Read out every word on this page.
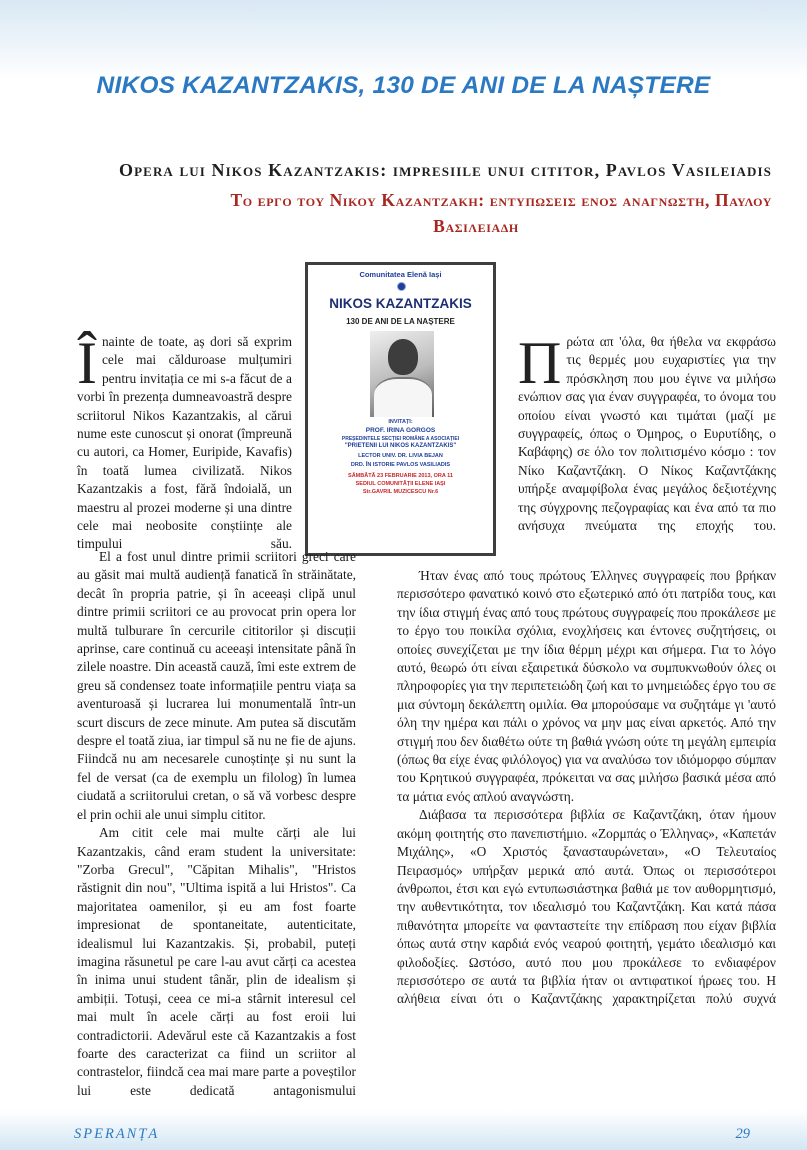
NIKOS KAZANTZAKIS, 130 DE ANI DE LA NAȘTERE
Opera lui Nikos Kazantzakis: impresiile unui cititor, Pavlos Vasileiadis
Το εργο του Νικου Καζαντζακη: εντυπωσεις ενος αναγνωστη, Παυλου
Βασιλειαδη
Comunitatea Elenă Iași
NIKOS KAZANTZAKIS
130 DE ANI DE LA NAȘTERE
INVITAȚI:
PROF. IRINA GORGOS
PREȘEDINTELE SECȚIEI ROMÂNE A ASOCIAȚIEI
"PRIETENII LUI NIKOS KAZANTZAKIS"
LECTOR UNIV. DR. LIVIA BEJAN
DRD. ÎN ISTORIE PAVLOS VASILIADIS
SÂMBĂTĂ 23 FEBRUARIE 2013, ORA 11
SEDIUL COMUNITĂȚII ELENE IAȘI
Str.GAVRIL MUZICESCU Nr.6

Înainte de toate, aș dori să exprim cele mai călduroase mulțumiri pentru invitația ce mi s-a făcut de a vorbi în prezența dumneavoastră despre scriitorul Nikos Kazantzakis, al cărui nume este cunoscut și onorat (împreună cu autori, ca Homer, Euripide, Kavafis) în toată lumea civilizată. Nikos Kazantzakis a fost, fără îndoială, un maestru al prozei moderne și una dintre cele mai neobosite conștiințe ale timpului său.

El a fost unul dintre primii scriitori greci care au găsit mai multă audiență fanatică în străinătate, decât în propria patrie, și în aceeași clipă unul dintre primii scriitori ce au provocat prin opera lor multă tulburare în cercurile cititorilor și discuții aprinse, care continuă cu aceeași intensitate până în zilele noastre. Din această cauză, îmi este extrem de greu să condensez toate informațiile pentru viața sa aventuroasă și lucrarea lui monumentală într-un scurt discurs de zece minute. Am putea să discutăm despre el toată ziua, iar timpul să nu ne fie de ajuns. Fiindcă nu am necesarele cunoștințe și nu sunt la fel de versat (ca de exemplu un filolog) în lumea ciudată a scriitorului cretan, o să vă vorbesc despre el prin ochii ale unui simplu cititor.

Am citit cele mai multe cărți ale lui Kazantzakis, când eram student la universitate: "Zorba Grecul", "Căpitan Mihalis", "Hristos răstignit din nou", "Ultima ispită a lui Hristos". Ca majoritatea oamenilor, și eu am fost foarte impresionat de spontaneitate, autenticitate, idealismul lui Kazantzakis. Și, probabil, puteți imagina răsunetul pe care l-au avut cărți ca acestea în inima unui student tânăr, plin de idealism și ambiții. Totuși, ceea ce mi-a stârnit interesul cel mai mult în acele cărți au fost eroii lui contradictorii. Adevărul este că Kazantzakis a fost foarte des caracterizat ca fiind un scriitor al contrastelor, fiindcă cea mai mare parte a poveștilor lui este dedicată antagonismului

Πρώτα απ 'όλα, θα ήθελα να εκφράσω τις θερμές μου ευχαριστίες για την πρόσκληση που μου έγινε να μιλήσω ενώπιον σας για έναν συγγραφέα, το όνομα του οποίου είναι γνωστό και τιμάται (μαζί με συγγραφείς, όπως ο Όμηρος, ο Ευρυτίδης, ο Καβάφης) σε όλο τον πολιτισμένο κόσμο : τον Νίκο Καζαντζάκη. Ο Νίκος Καζαντζάκης υπήρξε αναμφίβολα ένας μεγάλος δεξιοτέχνης της σύγχρονης πεζογραφίας και ένα από τα πιο ανήσυχα πνεύματα της εποχής του.

Ήταν ένας από τους πρώτους Έλληνες συγγραφείς που βρήκαν περισσότερο φανατικό κοινό στο εξωτερικό από ότι πατρίδα τους, και την ίδια στιγμή ένας από τους πρώτους συγγραφείς που προκάλεσε με το έργο του ποικίλα σχόλια, ενοχλήσεις και έντονες συζητήσεις, οι οποίες συνεχίζεται με την ίδια θέρμη μέχρι και σήμερα. Για το λόγο αυτό, θεωρώ ότι είναι εξαιρετικά δύσκολο να συμπυκνωθούν όλες οι πληροφορίες για την περιπετειώδη ζωή και το μνημειώδες έργο του σε μια σύντομη δεκάλεπτη ομιλία. Θα μπορούσαμε να συζητάμε γι 'αυτό όλη την ημέρα και πάλι ο χρόνος να μην μας είναι αρκετός. Από την στιγμή που δεν διαθέτω ούτε τη βαθιά γνώση ούτε τη μεγάλη εμπειρία (όπως θα είχε ένας φιλόλογος) για να αναλύσω τον ιδιόμορφο σύμπαν του Κρητικού συγγραφέα, πρόκειται να σας μιλήσω βασικά μέσα από τα μάτια ενός απλού αναγνώστη.

Διάβασα τα περισσότερα βιβλία σε Καζαντζάκη, όταν ήμουν ακόμη φοιτητής στο πανεπιστήμιο. «Ζορμπάς ο Έλληνας», «Καπετάν Μιχάλης», «Ο Χριστός ξανασταυρώνεται», «Ο Τελευταίος Πειρασμός» υπήρξαν μερικά από αυτά. Όπως οι περισσότεροι άνθρωποι, έτσι και εγώ εντυπωσιάστηκα βαθιά με τον αυθορμητισμό, την αυθεντικότητα, τον ιδεαλισμό του Καζαντζάκη. Και κατά πάσα πιθανότητα μπορείτε να φανταστείτε την επίδραση που είχαν βιβλία όπως αυτά στην καρδιά ενός νεαρού φοιτητή, γεμάτο ιδεαλισμό και φιλοδοξίες. Ωστόσο, αυτό που μου προκάλεσε το ενδιαφέρον περισσότερο σε αυτά τα βιβλία ήταν οι αντιφατικοί ήρωες του. Η αλήθεια είναι ότι ο Καζαντζάκης χαρακτηρίζεται πολύ συχνά

SPERANȚA	29
